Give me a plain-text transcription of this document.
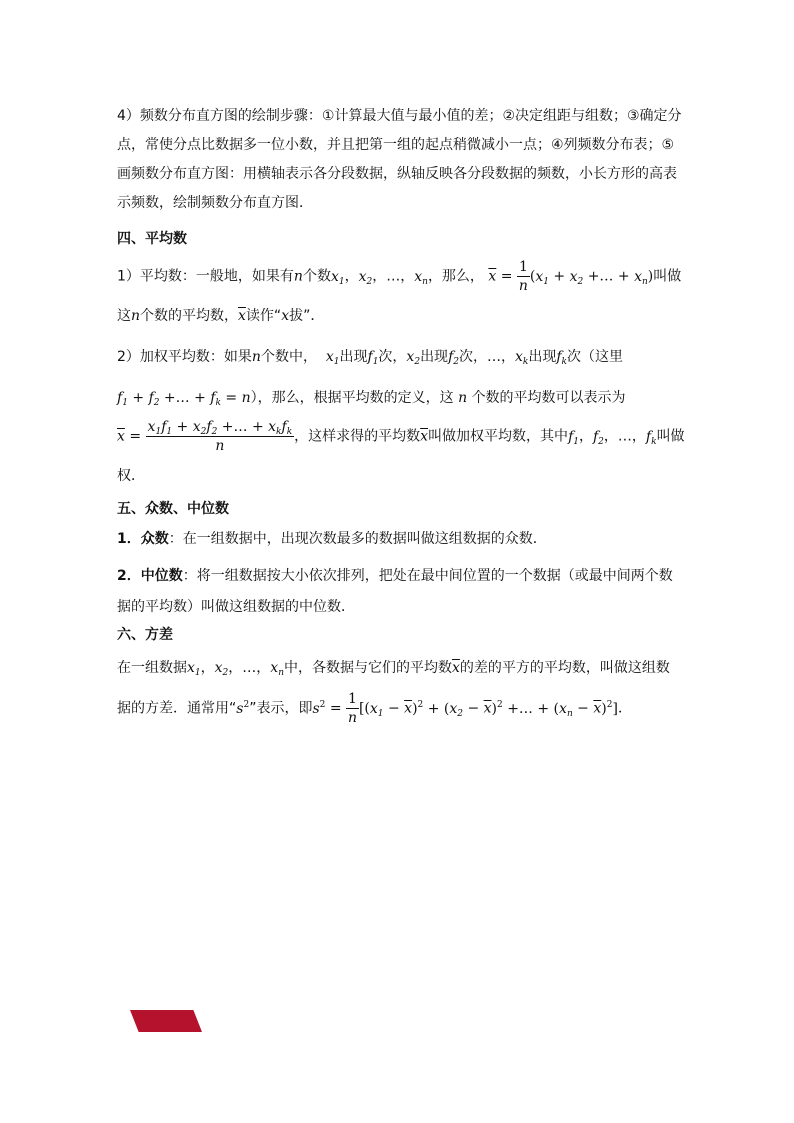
4）频数分布直方图的绘制步骤：①计算最大值与最小值的差；②决定组距与组数；③确定分
点，常使分点比数据多一位小数，并且把第一组的起点稍微减小一点；④列频数分布表；⑤
画频数分布直方图：用横轴表示各分段数据，纵轴反映各分段数据的频数，小长方形的高表
示频数，绘制频数分布直方图．
四、平均数
1）平均数：一般地，如果有n个数$x_1$，$x_2$，…，$x_n$，那么， $\overline{x} = \frac{1}{n} (x_1 + x_2$ +… + $x_n$)叫做
这n个数的平均数，$\overline{x}$读作“x拔”．
2）加权平均数：如果n个数中， $x_1$出现$f_1$次，$x_2$出现$f_2$次，…，$x_k$出现$f_k$次（这里
$f_1 + f_2$ +… + $f_k = n$），那么，根据平均数的定义，这 n 个数的平均数可以表示为
$\overline{x} = \frac{x_1f_1 + x_2f_2 +\dots + x_kf_k}{n}$ ，这样求得的平均数$\overline{x}$叫做加权平均数，其中$f_1$，$f_2$，…，$f_k$叫做
权．
五、众数、中位数
1．众数：在一组数据中，出现次数最多的数据叫做这组数据的众数．
2．中位数：将一组数据按大小依次排列，把处在最中间位置的一个数据（或最中间两个数
据的平均数）叫做这组数据的中位数．
六、方差
在一组数据$x_1$，$x_2$，…，$x_n$中，各数据与它们的平均数$\overline{x}$的差的平方的平均数，叫做这组数
据的方差．通常用“$s^2$”表示，即$s^2 = \frac{1}{n} [(x_1 - \overline{x})^2 + (x_2 - \overline{x})^2$ +… + $(x_n - \overline{x})^2$]．
